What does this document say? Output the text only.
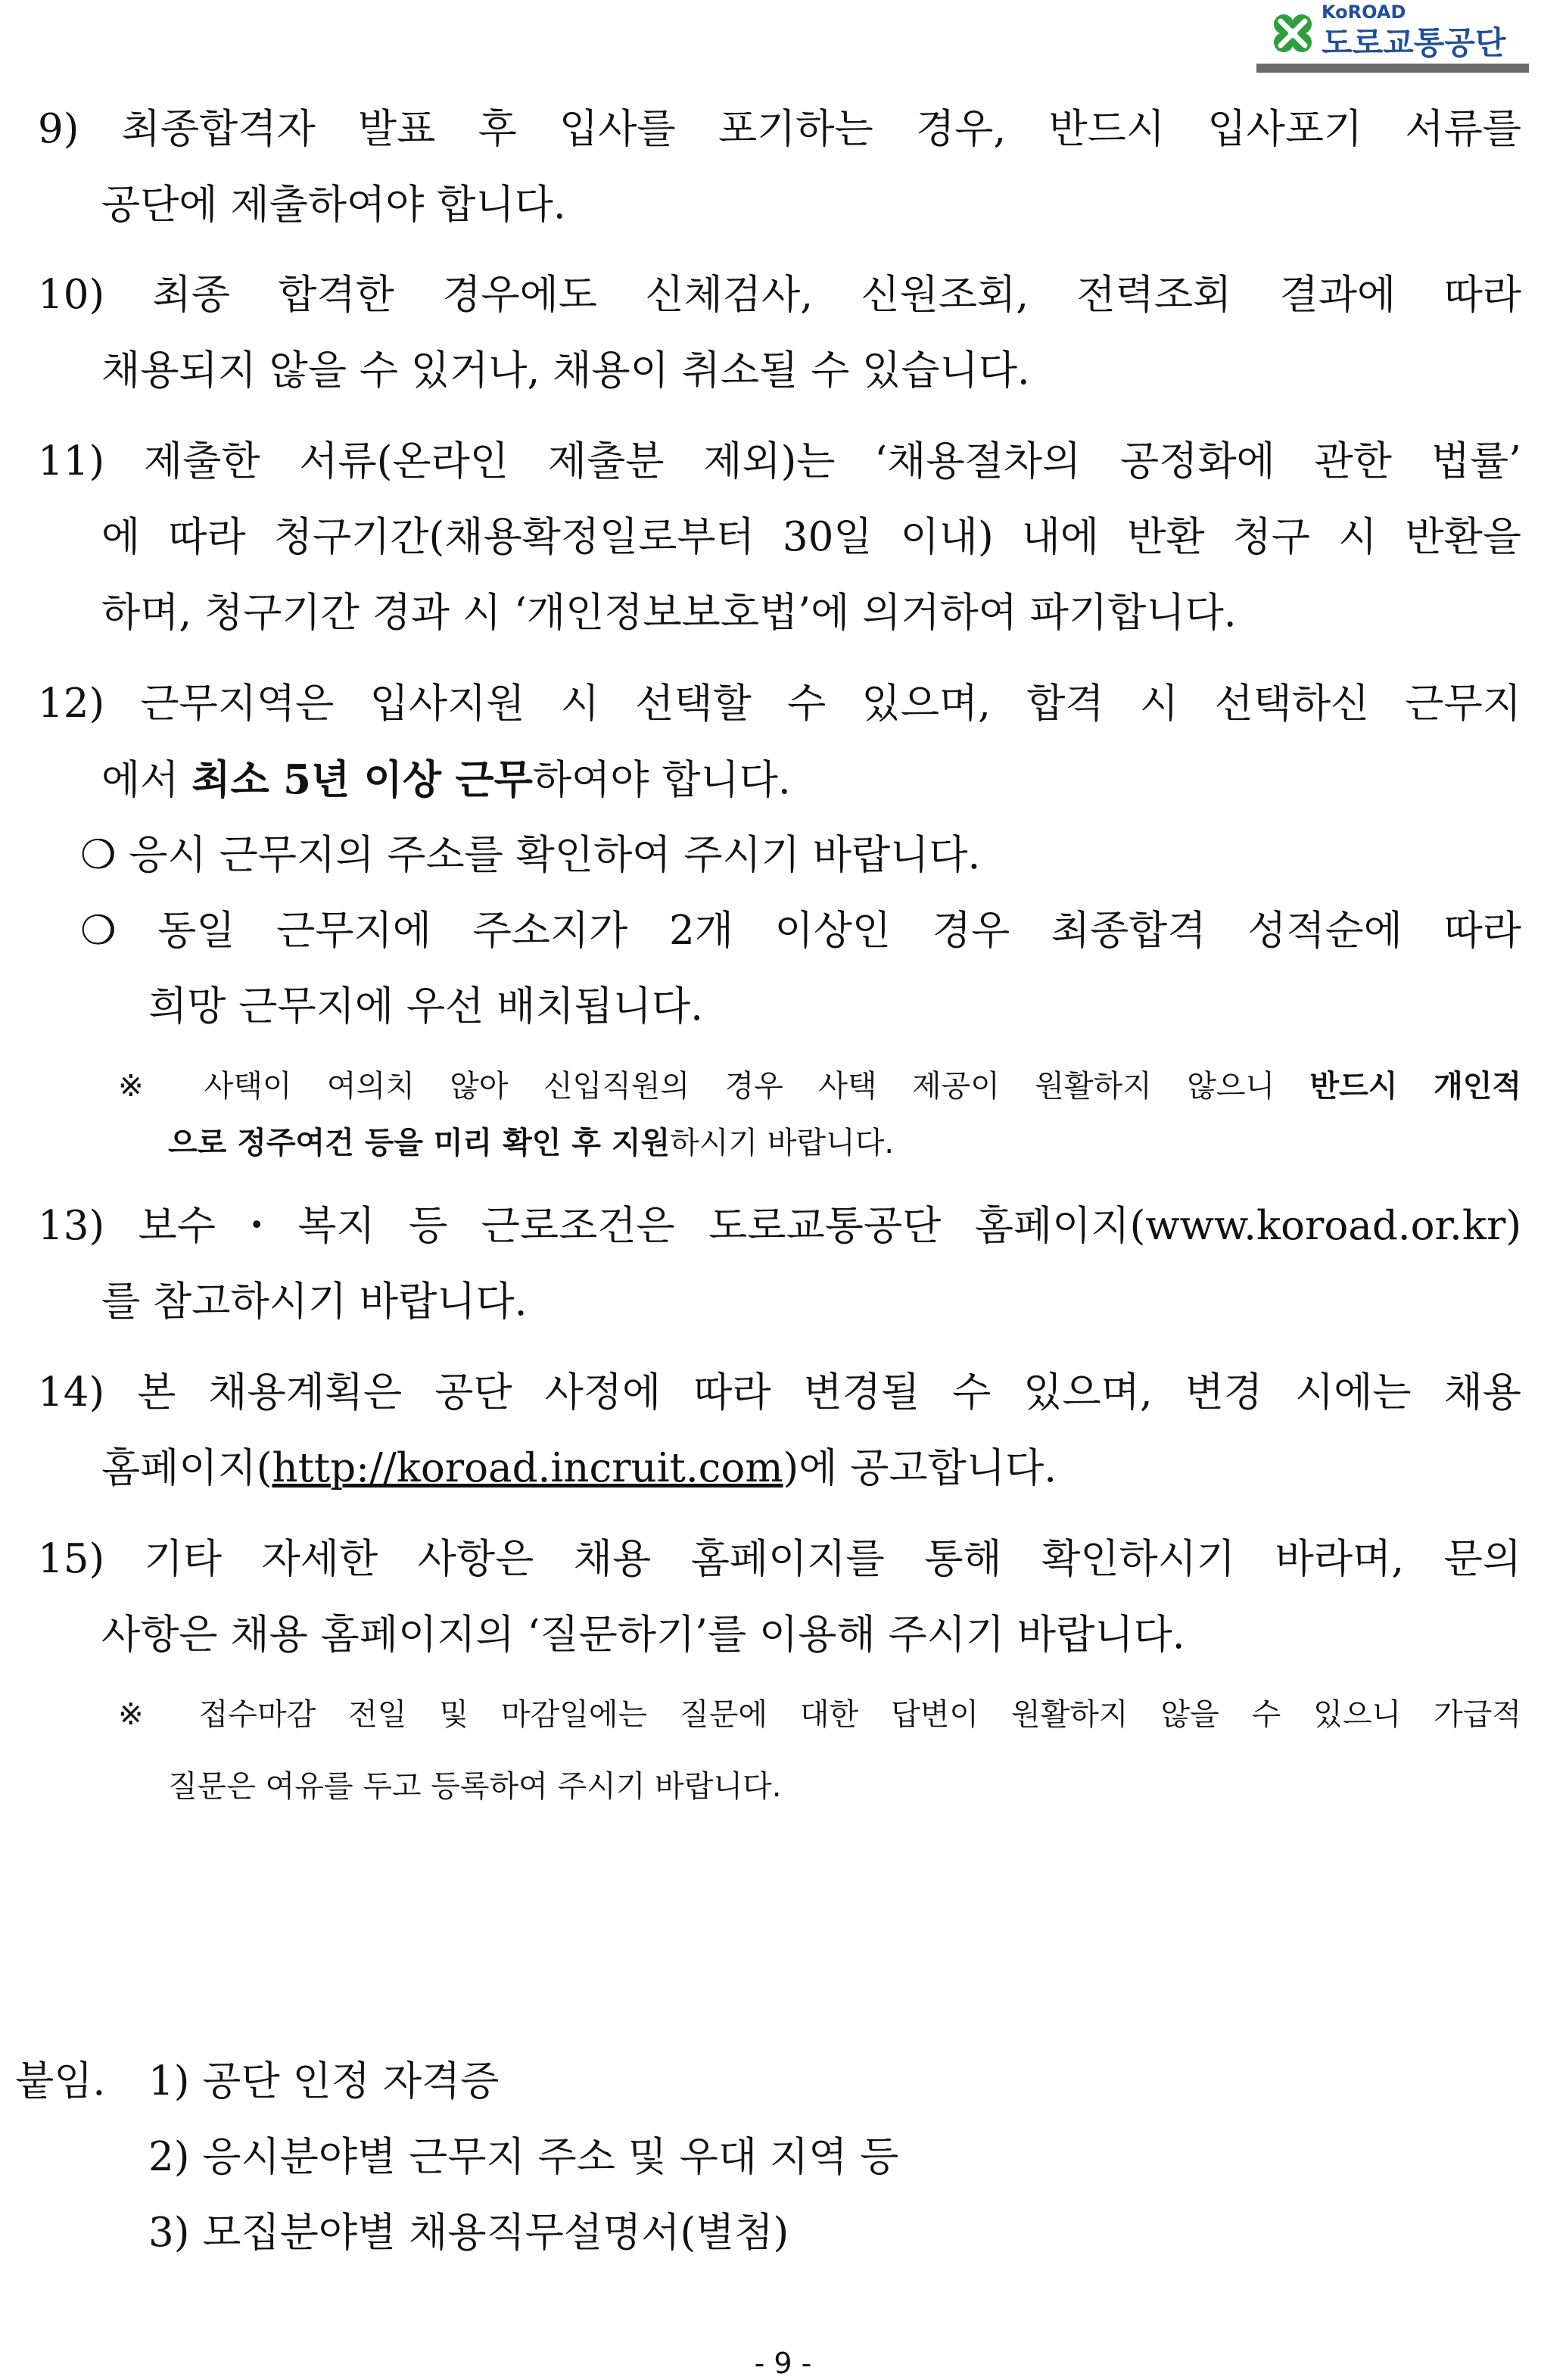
KoROAD
도로교통공단
9) 최종합격자 발표 후 입사를 포기하는 경우, 반드시 입사포기 서류를
공단에 제출하여야 합니다.
10) 최종 합격한 경우에도 신체검사, 신원조회, 전력조회 결과에 따라
채용되지 않을 수 있거나, 채용이 취소될 수 있습니다.
11) 제출한 서류(온라인 제출분 제외)는 ‘채용절차의 공정화에 관한 법률’
에 따라 청구기간(채용확정일로부터 30일 이내) 내에 반환 청구 시 반환을
하며, 청구기간 경과 시 ‘개인정보보호법’에 의거하여 파기합니다.
12) 근무지역은 입사지원 시 선택할 수 있으며, 합격 시 선택하신 근무지
에서 최소 5년 이상 근무하여야 합니다.
❍ 응시 근무지의 주소를 확인하여 주시기 바랍니다.
❍ 동일 근무지에 주소지가 2개 이상인 경우 최종합격 성적순에 따라
희망 근무지에 우선 배치됩니다.
※ 사택이 여의치 않아 신입직원의 경우 사택 제공이 원활하지 않으니 반드시 개인적
으로 정주여건 등을 미리 확인 후 지원하시기 바랍니다.
13) 보수・복지 등 근로조건은 도로교통공단 홈페이지(www.koroad.or.kr)
를 참고하시기 바랍니다.
14) 본 채용계획은 공단 사정에 따라 변경될 수 있으며, 변경 시에는 채용
홈페이지(http://koroad.incruit.com)에 공고합니다.
15) 기타 자세한 사항은 채용 홈페이지를 통해 확인하시기 바라며, 문의
사항은 채용 홈페이지의 ‘질문하기’를 이용해 주시기 바랍니다.
※ 접수마감 전일 및 마감일에는 질문에 대한 답변이 원활하지 않을 수 있으니 가급적
질문은 여유를 두고 등록하여 주시기 바랍니다.
붙임. 1) 공단 인정 자격증
2) 응시분야별 근무지 주소 및 우대 지역 등
3) 모집분야별 채용직무설명서(별첨)
- 9 -
